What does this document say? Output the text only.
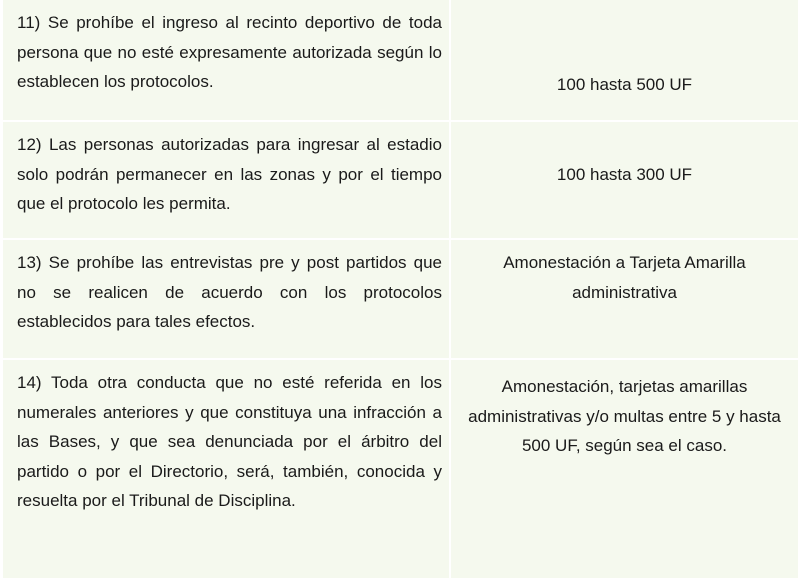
11) Se prohíbe el ingreso al recinto deportivo de toda persona que no esté expresamente autorizada según lo establecen los protocolos.	100 hasta 500 UF
12) Las personas autorizadas para ingresar al estadio solo podrán permanecer en las zonas y por el tiempo que el protocolo les permita.
100 hasta 300 UF
13) Se prohíbe las entrevistas pre y post partidos que no se realicen de acuerdo con los protocolos establecidos para tales efectos.
Amonestación a Tarjeta Amarilla administrativa
14) Toda otra conducta que no esté referida en los numerales anteriores y que constituya una infracción a las Bases, y que sea denunciada por el árbitro del partido o por el Directorio, será, también, conocida y resuelta por el Tribunal de Disciplina.
Amonestación, tarjetas amarillas administrativas y/o multas entre 5 y hasta 500 UF, según sea el caso.
